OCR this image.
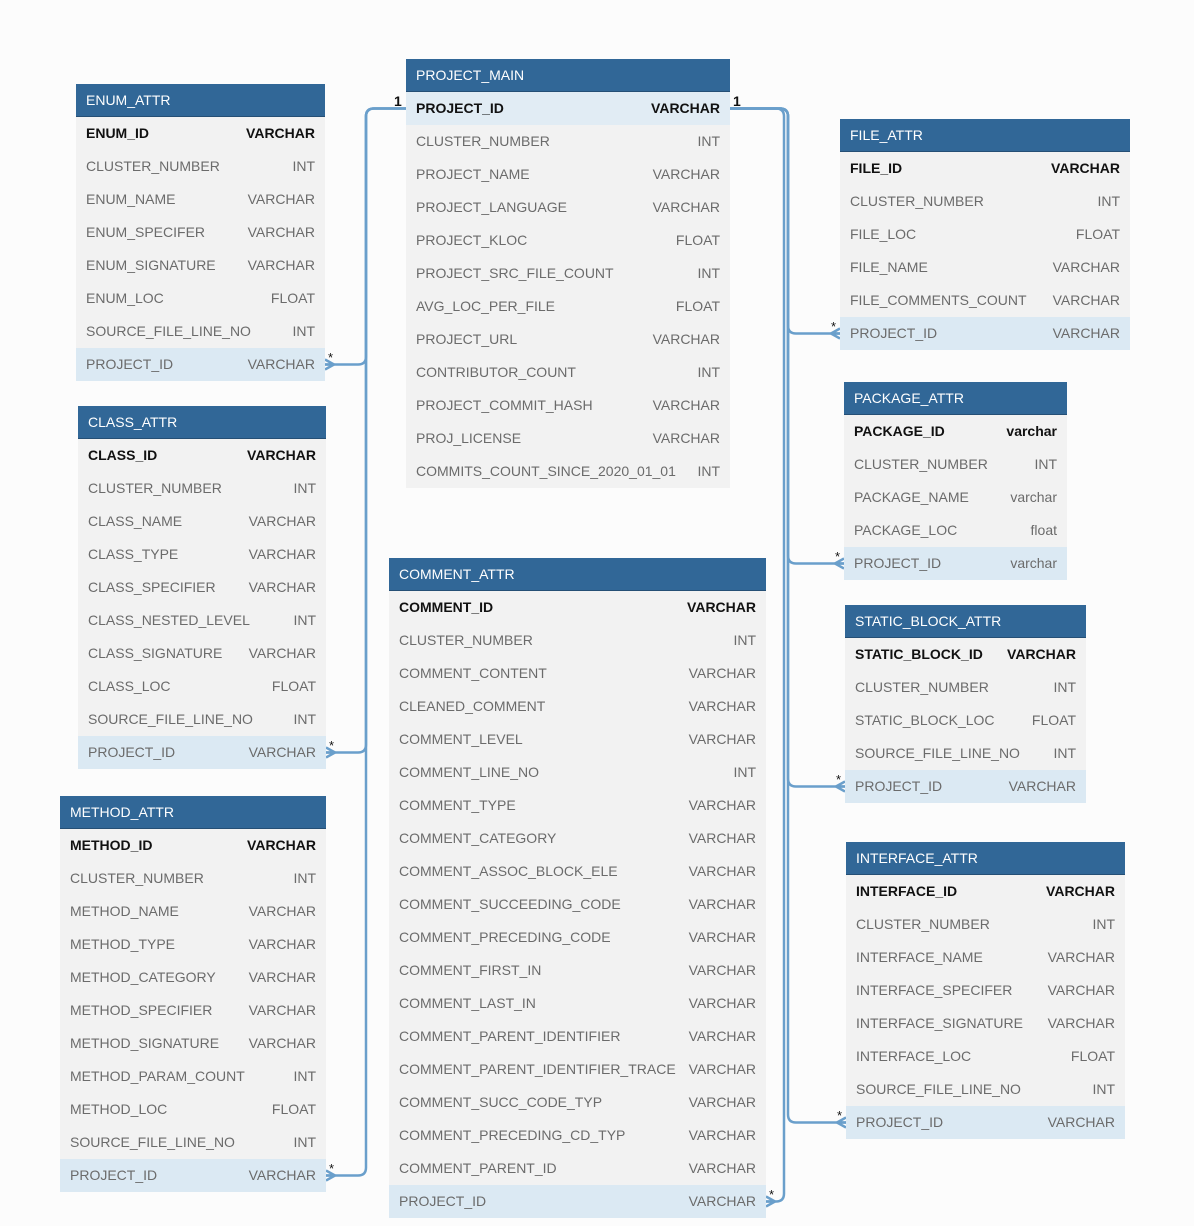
PROJECT_MAIN
PROJECT_ID	VARCHAR
CLUSTER_NUMBER	INT
PROJECT_NAME	VARCHAR
PROJECT_LANGUAGE	VARCHAR
PROJECT_KLOC	FLOAT
PROJECT_SRC_FILE_COUNT	INT
AVG_LOC_PER_FILE	FLOAT
PROJECT_URL	VARCHAR
CONTRIBUTOR_COUNT	INT
PROJECT_COMMIT_HASH	VARCHAR
PROJ_LICENSE	VARCHAR
COMMITS_COUNT_SINCE_2020_01_01 INT
ENUM_ATTR
ENUM_ID	VARCHAR
CLUSTER_NUMBER	INT
ENUM_NAME	VARCHAR
ENUM_SPECIFER	VARCHAR
ENUM_SIGNATURE VARCHAR
ENUM_LOC	FLOAT
SOURCE_FILE_LINE_NO	INT
PROJECT_ID	VARCHAR
CLASS_ATTR
CLASS_ID	VARCHAR
CLUSTER_NUMBER	INT
CLASS_NAME	VARCHAR
CLASS_TYPE	VARCHAR
CLASS_SPECIFIER VARCHAR
CLASS_NESTED_LEVEL	INT
CLASS_SIGNATURE VARCHAR
CLASS_LOC	FLOAT
SOURCE_FILE_LINE_NO	INT
PROJECT_ID	VARCHAR
METHOD_ATTR
METHOD_ID	VARCHAR
CLUSTER_NUMBER	INT
METHOD_NAME	VARCHAR
METHOD_TYPE	VARCHAR
METHOD_CATEGORY VARCHAR
METHOD_SPECIFIER	VARCHAR
METHOD_SIGNATURE VARCHAR
METHOD_PARAM_COUNT	INT
METHOD_LOC	FLOAT
SOURCE_FILE_LINE_NO	INT
PROJECT_ID	VARCHAR
COMMENT_ATTR
COMMENT_ID	VARCHAR
CLUSTER_NUMBER	INT
COMMENT_CONTENT	VARCHAR
CLEANED_COMMENT	VARCHAR
COMMENT_LEVEL	VARCHAR
COMMENT_LINE_NO	INT
COMMENT_TYPE	VARCHAR
COMMENT_CATEGORY	VARCHAR
COMMENT_ASSOC_BLOCK_ELE	VARCHAR
COMMENT_SUCCEEDING_CODE	VARCHAR
COMMENT_PRECEDING_CODE	VARCHAR
COMMENT_FIRST_IN	VARCHAR
COMMENT_LAST_IN	VARCHAR
COMMENT_PARENT_IDENTIFIER	VARCHAR
COMMENT_PARENT_IDENTIFIER_TRACE VARCHAR
COMMENT_SUCC_CODE_TYP	VARCHAR
COMMENT_PRECEDING_CD_TYP	VARCHAR
COMMENT_PARENT_ID	VARCHAR
PROJECT_ID	VARCHAR
FILE_ATTR
FILE_ID	VARCHAR
CLUSTER_NUMBER	INT
FILE_LOC	FLOAT
FILE_NAME	VARCHAR
FILE_COMMENTS_COUNT VARCHAR
PROJECT_ID	VARCHAR
PACKAGE_ATTR
PACKAGE_ID	varchar
CLUSTER_NUMBER	INT
PACKAGE_NAME	varchar
PACKAGE_LOC	float
PROJECT_ID	varchar
STATIC_BLOCK_ATTR
STATIC_BLOCK_ID VARCHAR
CLUSTER_NUMBER	INT
STATIC_BLOCK_LOC	FLOAT
SOURCE_FILE_LINE_NO INT
PROJECT_ID	VARCHAR
INTERFACE_ATTR
INTERFACE_ID	VARCHAR
CLUSTER_NUMBER	INT
INTERFACE_NAME	VARCHAR
INTERFACE_SPECIFER	VARCHAR
INTERFACE_SIGNATURE VARCHAR
INTERFACE_LOC	FLOAT
SOURCE_FILE_LINE_NO	INT
PROJECT_ID	VARCHAR
*
*
*
*
*
*
*
*
1	1
